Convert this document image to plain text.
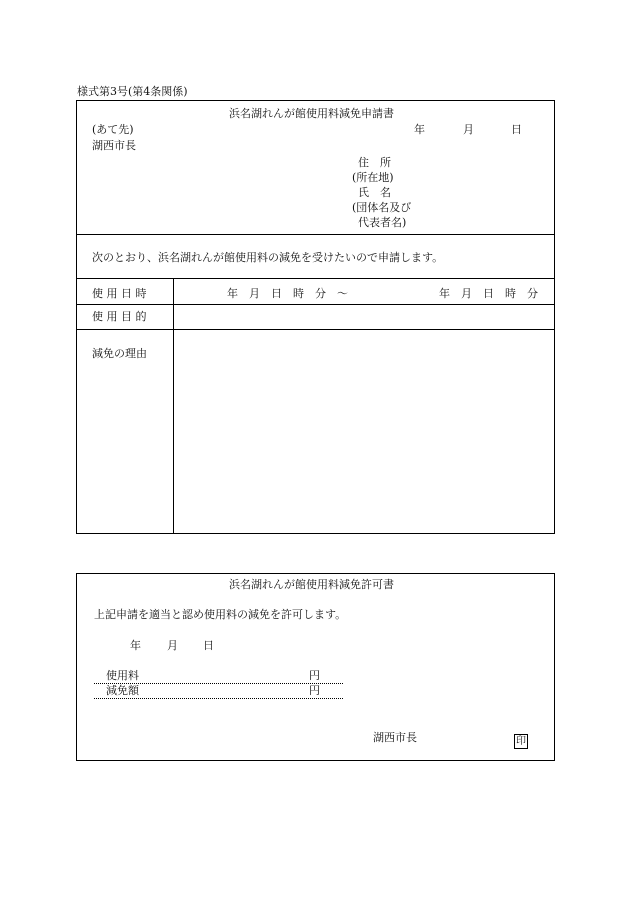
様式第3号(第4条関係)
浜名湖れんが館使用料減免申請書
年	月	日
(あて先)
湖西市長
住　所
(所在地)
氏　名
(団体名及び
代表者名)
次のとおり、浜名湖れんが館使用料の減免を受けたいので申請します。
使 用 日 時	年　月　日　時　分　～	年　月　日　時　分
使 用 目 的
減免の理由
浜名湖れんが館使用料減免許可書
上記申請を適当と認め使用料の減免を許可します。
年 月 日
使用料	円
減免額	円
湖西市長	印
